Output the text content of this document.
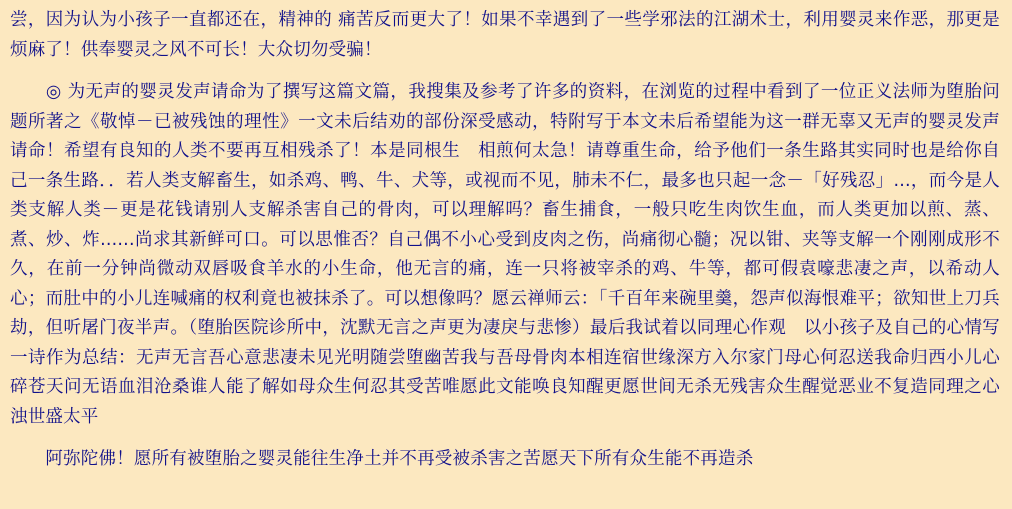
尝，因为认为小孩子一直都还在，精神的 痛苦反而更大了！如果不幸遇到了一些学邪法的江湖术士，利用婴灵来作恶，那更是烦麻了！供奉婴灵之风不可长！大众切勿受骗！

　　◎ 为无声的婴灵发声请命为了撰写这篇文篇，我搜集及参考了许多的资料，在浏览的过程中看到了一位正义法师为堕胎问题所著之《敬悼－已被残蚀的理性》一文未后结劝的部份深受感动，特附写于本文未后希望能为这一群无辜又无声的婴灵发声请命！希望有良知的人类不要再互相残杀了！本是同根生　相煎何太急！请尊重生命，给予他们一条生路其实同时也是给你自己一条生路．．若人类支解畜生，如杀鸡、鸭、牛、犬等，或视而不见，肺未不仁，最多也只起一念－「好残忍」...，而今是人类支解人类－更是花钱请别人支解杀害自己的骨肉，可以理解吗？畜生捕食，一般只吃生肉饮生血，而人类更加以煎、蒸、煮、炒、炸......尚求其新鲜可口。可以思惟否？自己偶不小心受到皮肉之伤，尚痛彻心髓；况以钳、夹等支解一个刚刚成形不久，在前一分钟尚微动双唇吸食羊水的小生命，他无言的痛，连一只将被宰杀的鸡、牛等，都可假袁嚎悲凄之声，以希动人心；而肚中的小儿连喊痛的权利竟也被抹杀了。可以想像吗？愿云禅师云：「千百年来碗里羹，怨声似海恨难平；欲知世上刀兵劫，但听屠门夜半声。（堕胎医院诊所中，沈默无言之声更为凄戾与悲惨）最后我试着以同理心作观　以小孩子及自己的心情写一诗作为总结：无声无言吾心意悲凄未见光明随尝堕幽苦我与吾母骨肉本相连宿世缘深方入尔家门母心何忍送我命归西小儿心碎苍天问无语血泪沧桑谁人能了解如母众生何忍其受苦唯愿此文能唤良知醒更愿世间无杀无残害众生醒觉恶业不复造同理之心浊世盛太平

　　阿弥陀佛！愿所有被堕胎之婴灵能往生净土并不再受被杀害之苦愿天下所有众生能不再造杀
